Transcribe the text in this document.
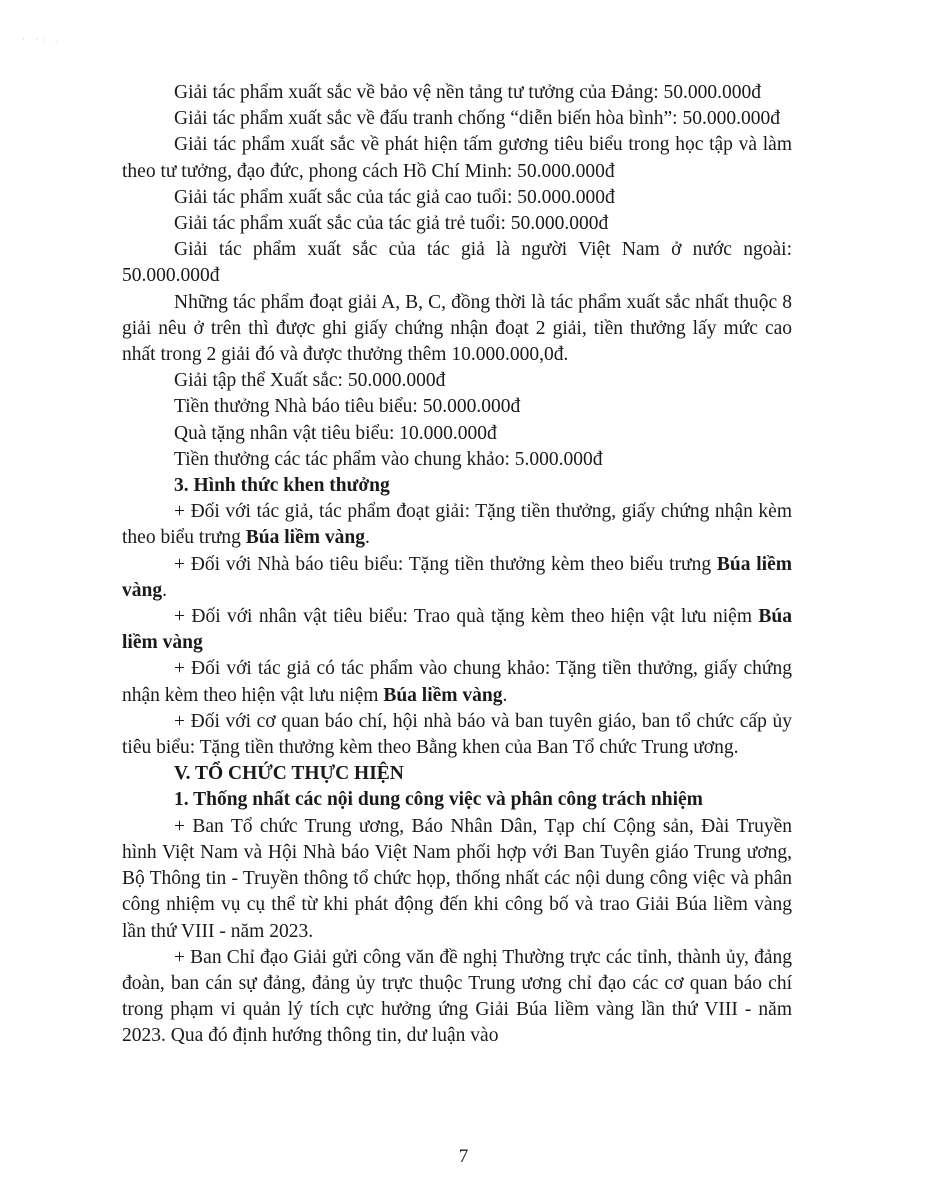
· ·: .

Giải tác phẩm xuất sắc về bảo vệ nền tảng tư tưởng của Đảng: 50.000.000đ

Giải tác phẩm xuất sắc về đấu tranh chống “diễn biến hòa bình”: 50.000.000đ

Giải tác phẩm xuất sắc về phát hiện tấm gương tiêu biểu trong học tập và làm theo tư tưởng, đạo đức, phong cách Hồ Chí Minh: 50.000.000đ

Giải tác phẩm xuất sắc của tác giả cao tuổi: 50.000.000đ

Giải tác phẩm xuất sắc của tác giả trẻ tuổi: 50.000.000đ

Giải tác phẩm xuất sắc của tác giả là người Việt Nam ở nước ngoài: 50.000.000đ

Những tác phẩm đoạt giải A, B, C, đồng thời là tác phẩm xuất sắc nhất thuộc 8 giải nêu ở trên thì được ghi giấy chứng nhận đoạt 2 giải, tiền thưởng lấy mức cao nhất trong 2 giải đó và được thưởng thêm 10.000.000,0đ.

Giải tập thể Xuất sắc: 50.000.000đ

Tiền thưởng Nhà báo tiêu biểu: 50.000.000đ

Quà tặng nhân vật tiêu biểu: 10.000.000đ

Tiền thưởng các tác phẩm vào chung khảo: 5.000.000đ

3. Hình thức khen thưởng

+ Đối với tác giả, tác phẩm đoạt giải: Tặng tiền thưởng, giấy chứng nhận kèm theo biểu trưng Búa liềm vàng.

+ Đối với Nhà báo tiêu biểu: Tặng tiền thưởng kèm theo biểu trưng Búa liềm vàng.

+ Đối với nhân vật tiêu biểu: Trao quà tặng kèm theo hiện vật lưu niệm Búa liềm vàng

+ Đối với tác giả có tác phẩm vào chung khảo: Tặng tiền thưởng, giấy chứng nhận kèm theo hiện vật lưu niệm Búa liềm vàng.

+ Đối với cơ quan báo chí, hội nhà báo và ban tuyên giáo, ban tổ chức cấp ủy tiêu biểu: Tặng tiền thưởng kèm theo Bằng khen của Ban Tổ chức Trung ương.

V. TỔ CHỨC THỰC HIỆN

1. Thống nhất các nội dung công việc và phân công trách nhiệm

+ Ban Tổ chức Trung ương, Báo Nhân Dân, Tạp chí Cộng sản, Đài Truyền hình Việt Nam và Hội Nhà báo Việt Nam phối hợp với Ban Tuyên giáo Trung ương, Bộ Thông tin - Truyền thông tổ chức họp, thống nhất các nội dung công việc và phân công nhiệm vụ cụ thể từ khi phát động đến khi công bố và trao Giải Búa liềm vàng lần thứ VIII - năm 2023.

+ Ban Chỉ đạo Giải gửi công văn đề nghị Thường trực các tỉnh, thành ủy, đảng đoàn, ban cán sự đảng, đảng ủy trực thuộc Trung ương chỉ đạo các cơ quan báo chí trong phạm vi quản lý tích cực hưởng ứng Giải Búa liềm vàng lần thứ VIII - năm 2023. Qua đó định hướng thông tin, dư luận vào

7
